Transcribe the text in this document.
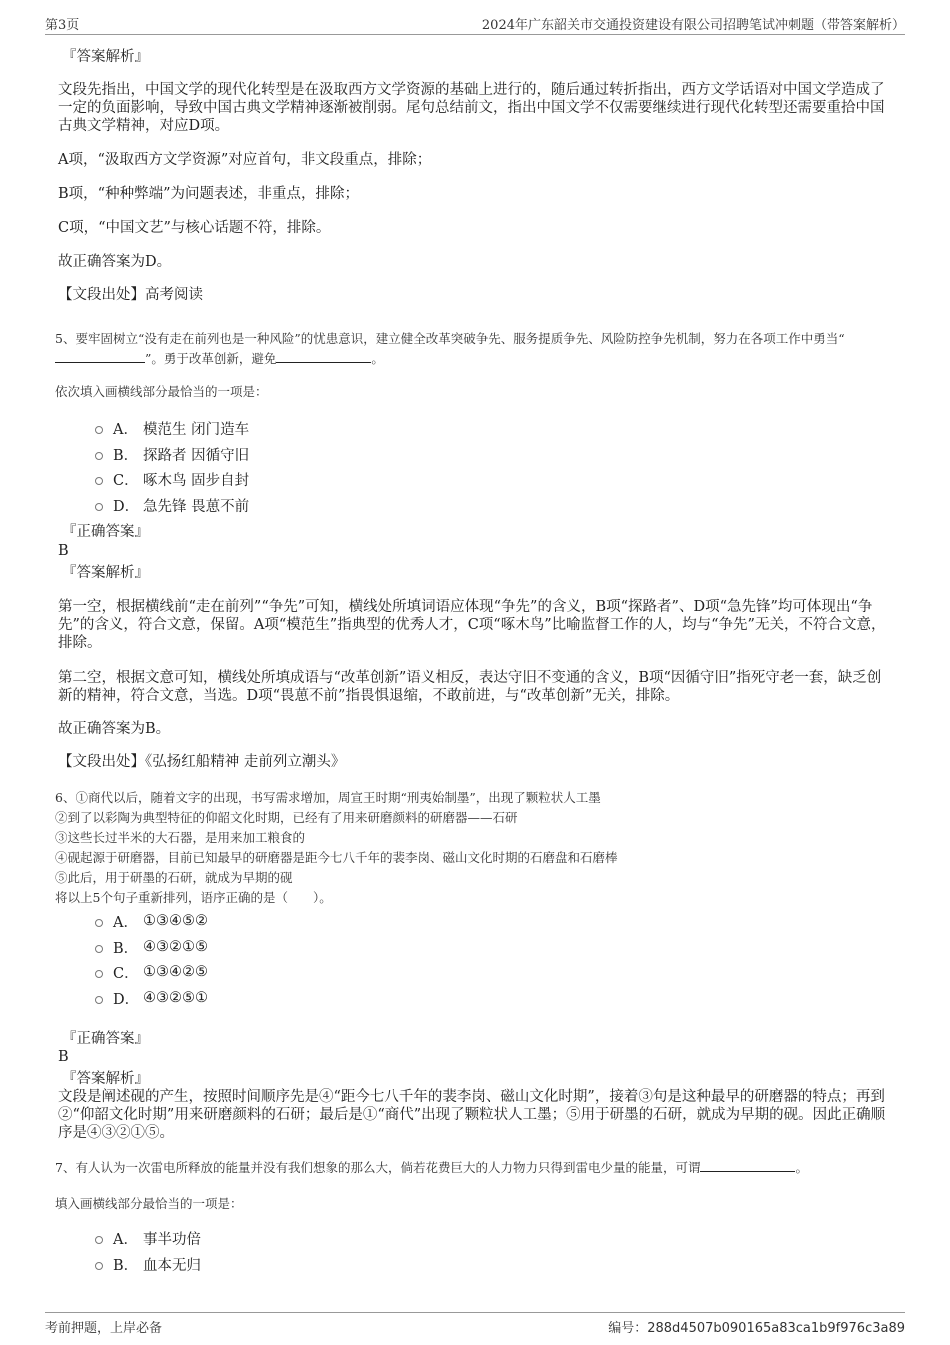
第3页	2024年广东韶关市交通投资建设有限公司招聘笔试冲刺题（带答案解析）
『答案解析』
文段先指出，中国文学的现代化转型是在汲取西方文学资源的基础上进行的，随后通过转折指出，西方文学话语对中国文学造成了一定的负面影响，导致中国古典文学精神逐渐被削弱。尾句总结前文，指出中国文学不仅需要继续进行现代化转型还需要重拾中国古典文学精神，对应D项。
A项，“汲取西方文学资源”对应首句，非文段重点，排除；
B项，“种种弊端”为问题表述，非重点，排除；
C项，“中国文艺”与核心话题不符，排除。
故正确答案为D。
【文段出处】高考阅读
5、要牢固树立“没有走在前列也是一种风险”的忧患意识，建立健全改革突破争先、服务提质争先、风险防控争先机制，努力在各项工作中勇当“”。勇于改革创新，避免	。
依次填入画横线部分最恰当的一项是：
A． 模范生 闭门造车
B． 探路者 因循守旧
C． 啄木鸟 固步自封
D． 急先锋 畏葸不前
『正确答案』
B
『答案解析』
第一空，根据横线前“走在前列”“争先”可知，横线处所填词语应体现“争先”的含义，B项“探路者”、D项“急先锋”均可体现出“争先”的含义，符合文意，保留。A项“模范生”指典型的优秀人才，C项“啄木鸟”比喻监督工作的人，均与“争先”无关，不符合文意，排除。
第二空，根据文意可知，横线处所填成语与“改革创新”语义相反，表达守旧不变通的含义，B项“因循守旧”指死守老一套，缺乏创新的精神，符合文意，当选。D项“畏葸不前”指畏惧退缩，不敢前进，与“改革创新”无关，排除。
故正确答案为B。
【文段出处】《弘扬红船精神 走前列立潮头》
6、①商代以后，随着文字的出现，书写需求增加，周宣王时期“刑夷始制墨”，出现了颗粒状人工墨
②到了以彩陶为典型特征的仰韶文化时期，已经有了用来研磨颜料的研磨器——石研
③这些长过半米的大石器，是用来加工粮食的
④砚起源于研磨器，目前已知最早的研磨器是距今七八千年的裴李岗、磁山文化时期的石磨盘和石磨棒
⑤此后，用于研墨的石研，就成为早期的砚
将以上5个句子重新排列，语序正确的是（　　）。
A． ①③④⑤②
B． ④③②①⑤
C． ①③④②⑤
D． ④③②⑤①
『正确答案』
B
『答案解析』
文段是阐述砚的产生，按照时间顺序先是④“距今七八千年的裴李岗、磁山文化时期”，接着③句是这种最早的研磨器的特点；再到②“仰韶文化时期”用来研磨颜料的石研；最后是①“商代”出现了颗粒状人工墨；⑤用于研墨的石研，就成为早期的砚。因此正确顺序是④③②①⑤。
7、有人认为一次雷电所释放的能量并没有我们想象的那么大，倘若花费巨大的人力物力只得到雷电少量的能量，可谓	。
填入画横线部分最恰当的一项是：
A． 事半功倍
B． 血本无归
考前押题，上岸必备	编号：288d4507b090165a83ca1b9f976c3a89
